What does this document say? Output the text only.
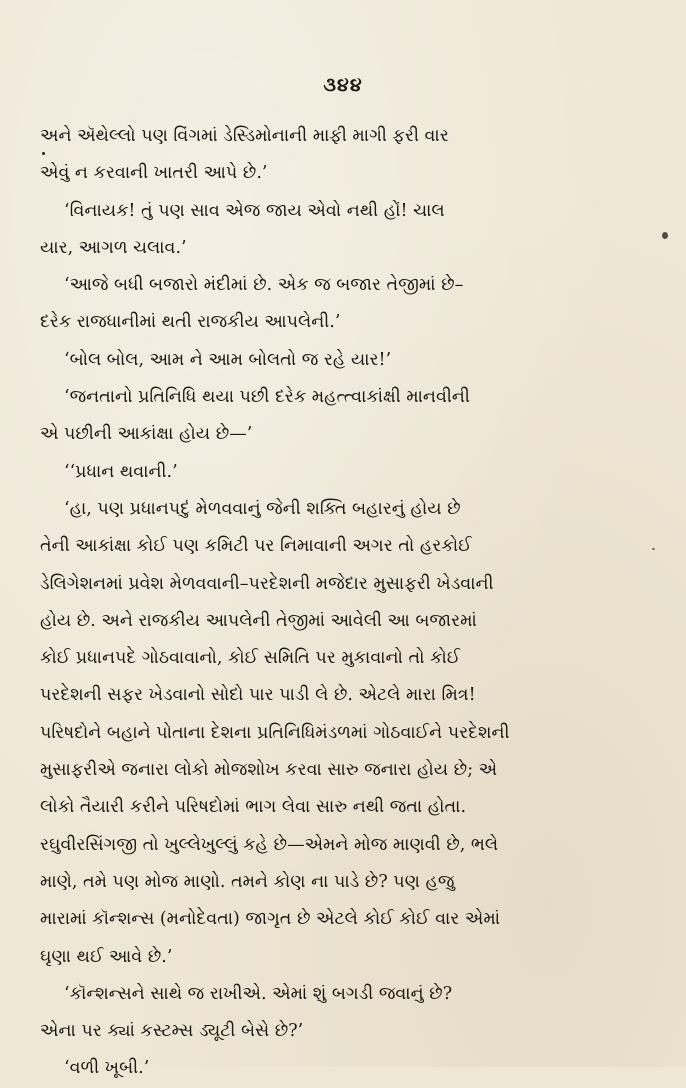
૩૪૪
અને ઍથેલ્લો પણ વિંગમાં ડેસ્ડિમોનાની માફી માગી ફરી વાર
એવું ન કરવાની ખાતરી આપે છે.’
‘વિનાયક! તું પણ સાવ એજ જાય એવો નથી હોં! ચાલ
યાર, આગળ ચલાવ.’
‘આજે બધી બજારો મંદીમાં છે. એક જ બજાર તેજીમાં છે–
દરેક રાજધાનીમાં થતી રાજકીય આપલેની.’
‘બોલ બોલ, આમ ને આમ બોલતો જ રહે યાર!’
‘જનતાનો પ્રતિનિધિ થયા પછી દરેક મહત્ત્વાકાંક્ષી માનવીની
એ પછીની આકાંક્ષા હોય છે—’
‘‘પ્રધાન થવાની.’
‘હા, પણ પ્રધાનપદું મેળવવાનું જેની શક્તિ બહારનું હોય છે
તેની આકાંક્ષા કોઈ પણ કમિટી પર નિમાવાની અગર તો હરકોઈ
ડેલિગેશનમાં પ્રવેશ મેળવવાની–પરદેશની મજેદાર મુસાફરી ખેડવાની
હોય છે. અને રાજકીય આપલેની તેજીમાં આવેલી આ બજારમાં
કોઈ પ્રધાનપદે ગોઠવાવાનો, કોઈ સમિતિ પર મુકાવાનો તો કોઈ
પરદેશની સફર ખેડવાનો સોદો પાર પાડી લે છે. એટલે મારા મિત્ર!
પરિષદોને બહાને પોતાના દેશના પ્રતિનિધિમંડળમાં ગોઠવાઈને પરદેશની
મુસાફરીએ જનારા લોકો મોજશોખ કરવા સારુ જનારા હોય છે; એ
લોકો તૈયારી કરીને પરિષદોમાં ભાગ લેવા સારુ નથી જતા હોતા.
રઘુવીરસિંગજી તો ખુલ્લેખુલ્લું કહે છે—એમને મોજ માણવી છે, ભલે
માણે, તમે પણ મોજ માણો. તમને કોણ ના પાડે છે? પણ હજુ
મારામાં કૉન્શન્સ (મનોદેવતા) જાગૃત છે એટલે કોઈ કોઈ વાર એમાં
ઘૃણા થઈ આવે છે.’
‘કૉન્શન્સને સાથે જ રાખીએ. એમાં શું બગડી જવાનું છે?
એના પર ક્યાં કસ્ટમ્સ ડ્યૂટી બેસે છે?’
‘વળી ખૂબી.’
